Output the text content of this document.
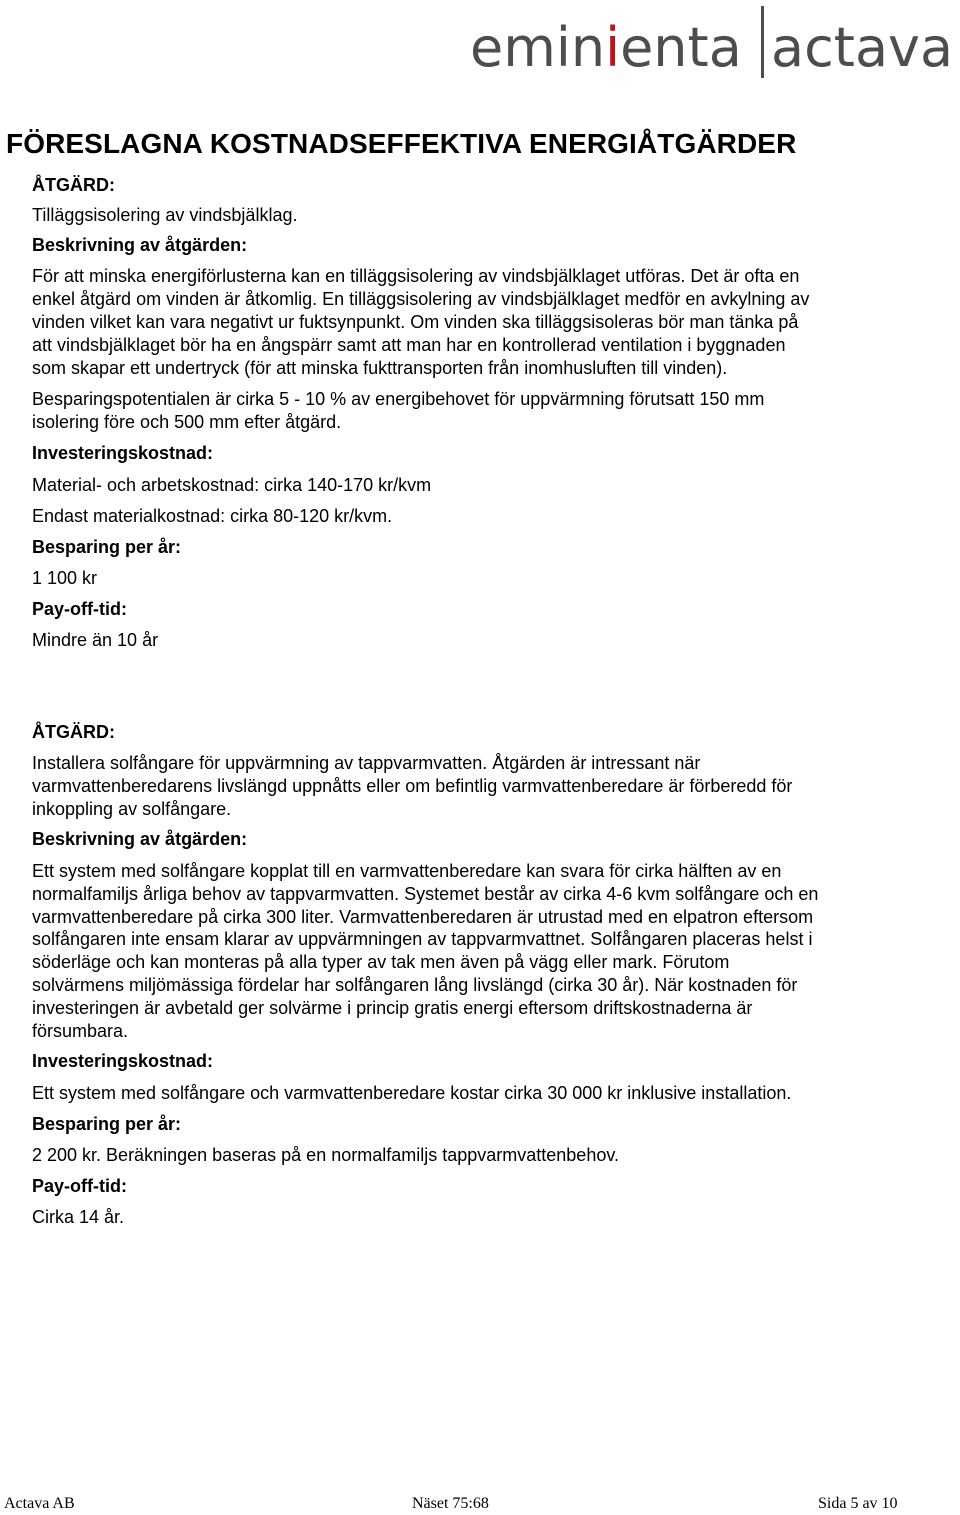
eminienta actava
FÖRESLAGNA KOSTNADSEFFEKTIVA ENERGIÅTGÄRDER

ÅTGÄRD:

Tilläggsisolering av vindsbjälklag.

Beskrivning av åtgärden:

För att minska energiförlusterna kan en tilläggsisolering av vindsbjälklaget utföras. Det är ofta en

enkel åtgärd om vinden är åtkomlig. En tilläggsisolering av vindsbjälklaget medför en avkylning av

vinden vilket kan vara negativt ur fuktsynpunkt. Om vinden ska tilläggsisoleras bör man tänka på

att vindsbjälklaget bör ha en ångspärr samt att man har en kontrollerad ventilation i byggnaden

som skapar ett undertryck (för att minska fukttransporten från inomhusluften till vinden).

Besparingspotentialen är cirka 5 - 10 % av energibehovet för uppvärmning förutsatt 150 mm

isolering före och 500 mm efter åtgärd.

Investeringskostnad:

Material- och arbetskostnad: cirka 140-170 kr/kvm

Endast materialkostnad: cirka 80-120 kr/kvm.

Besparing per år:

1 100 kr

Pay-off-tid:

Mindre än 10 år

ÅTGÄRD:

Installera solfångare för uppvärmning av tappvarmvatten. Åtgärden är intressant när

varmvattenberedarens livslängd uppnåtts eller om befintlig varmvattenberedare är förberedd för

inkoppling av solfångare.

Beskrivning av åtgärden:

Ett system med solfångare kopplat till en varmvattenberedare kan svara för cirka hälften av en

normalfamiljs årliga behov av tappvarmvatten. Systemet består av cirka 4-6 kvm solfångare och en

varmvattenberedare på cirka 300 liter. Varmvattenberedaren är utrustad med en elpatron eftersom

solfångaren inte ensam klarar av uppvärmningen av tappvarmvattnet. Solfångaren placeras helst i

söderläge och kan monteras på alla typer av tak men även på vägg eller mark. Förutom

solvärmens miljömässiga fördelar har solfångaren lång livslängd (cirka 30 år). När kostnaden för

investeringen är avbetald ger solvärme i princip gratis energi eftersom driftskostnaderna är

försumbara.

Investeringskostnad:

Ett system med solfångare och varmvattenberedare kostar cirka 30 000 kr inklusive installation.

Besparing per år:

2 200 kr. Beräkningen baseras på en normalfamiljs tappvarmvattenbehov.

Pay-off-tid:

Cirka 14 år.

Actava AB	Näset 75:68	Sida 5 av 10
